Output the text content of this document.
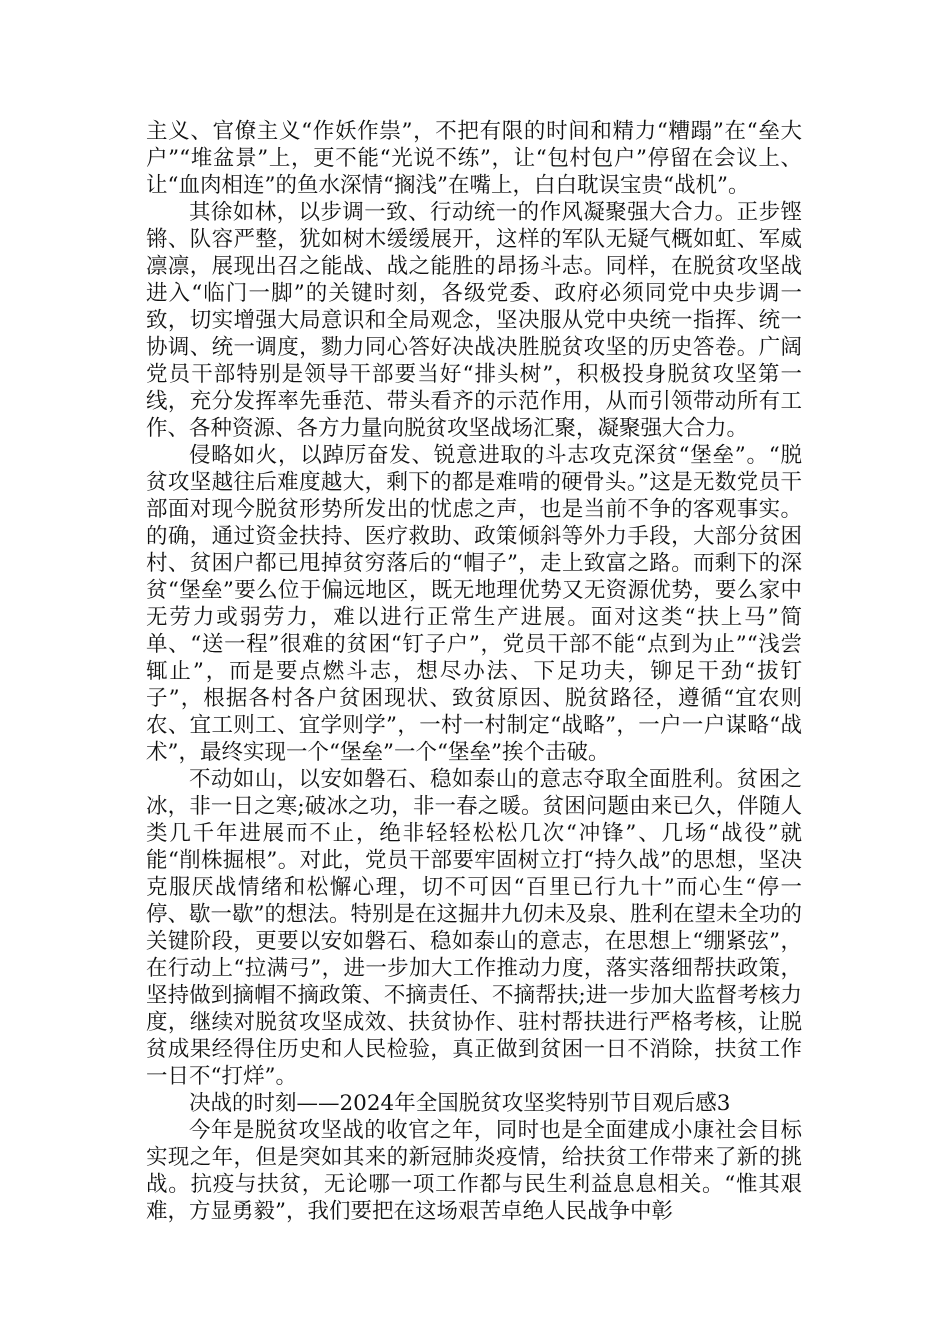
主义、官僚主义“作妖作祟”，不把有限的时间和精力“糟蹋”在“垒大户”“堆盆景”上，更不能“光说不练”，让“包村包户”停留在会议上、让“血肉相连”的鱼水深情“搁浅”在嘴上，白白耽误宝贵“战机”。

其徐如林，以步调一致、行动统一的作风凝聚强大合力。正步铿锵、队容严整，犹如树木缓缓展开，这样的军队无疑气概如虹、军威凛凛，展现出召之能战、战之能胜的昂扬斗志。同样，在脱贫攻坚战进入“临门一脚”的关键时刻，各级党委、政府必须同党中央步调一致，切实增强大局意识和全局观念，坚决服从党中央统一指挥、统一协调、统一调度，勠力同心答好决战决胜脱贫攻坚的历史答卷。广阔党员干部特别是领导干部要当好“排头树”，积极投身脱贫攻坚第一线，充分发挥率先垂范、带头看齐的示范作用，从而引领带动所有工作、各种资源、各方力量向脱贫攻坚战场汇聚，凝聚强大合力。

侵略如火，以踔厉奋发、锐意进取的斗志攻克深贫“堡垒”。“脱贫攻坚越往后难度越大，剩下的都是难啃的硬骨头。”这是无数党员干部面对现今脱贫形势所发出的忧虑之声，也是当前不争的客观事实。的确，通过资金扶持、医疗救助、政策倾斜等外力手段，大部分贫困村、贫困户都已甩掉贫穷落后的“帽子”，走上致富之路。而剩下的深贫“堡垒”要么位于偏远地区，既无地理优势又无资源优势，要么家中无劳力或弱劳力，难以进行正常生产进展。面对这类“扶上马”简单、“送一程”很难的贫困“钉子户”，党员干部不能“点到为止”“浅尝辄止”，而是要点燃斗志，想尽办法、下足功夫，铆足干劲“拔钉子”，根据各村各户贫困现状、致贫原因、脱贫路径，遵循“宜农则农、宜工则工、宜学则学”，一村一村制定“战略”，一户一户谋略“战术”，最终实现一个“堡垒”一个“堡垒”挨个击破。

不动如山，以安如磐石、稳如泰山的意志夺取全面胜利。贫困之冰，非一日之寒;破冰之功，非一春之暖。贫困问题由来已久，伴随人类几千年进展而不止，绝非轻轻松松几次“冲锋”、几场“战役”就能“削株掘根”。对此，党员干部要牢固树立打“持久战”的思想，坚决克服厌战情绪和松懈心理，切不可因“百里已行九十”而心生“停一停、歇一歇”的想法。特别是在这掘井九仞未及泉、胜利在望未全功的关键阶段，更要以安如磐石、稳如泰山的意志，在思想上“绷紧弦”，在行动上“拉满弓”，进一步加大工作推动力度，落实落细帮扶政策，坚持做到摘帽不摘政策、不摘责任、不摘帮扶;进一步加大监督考核力度，继续对脱贫攻坚成效、扶贫协作、驻村帮扶进行严格考核，让脱贫成果经得住历史和人民检验，真正做到贫困一日不消除，扶贫工作一日不“打烊”。

决战的时刻——2024年全国脱贫攻坚奖特别节目观后感3

今年是脱贫攻坚战的收官之年，同时也是全面建成小康社会目标实现之年，但是突如其来的新冠肺炎疫情，给扶贫工作带来了新的挑战。抗疫与扶贫，无论哪一项工作都与民生利益息息相关。“惟其艰难，方显勇毅”，我们要把在这场艰苦卓绝人民战争中彰
